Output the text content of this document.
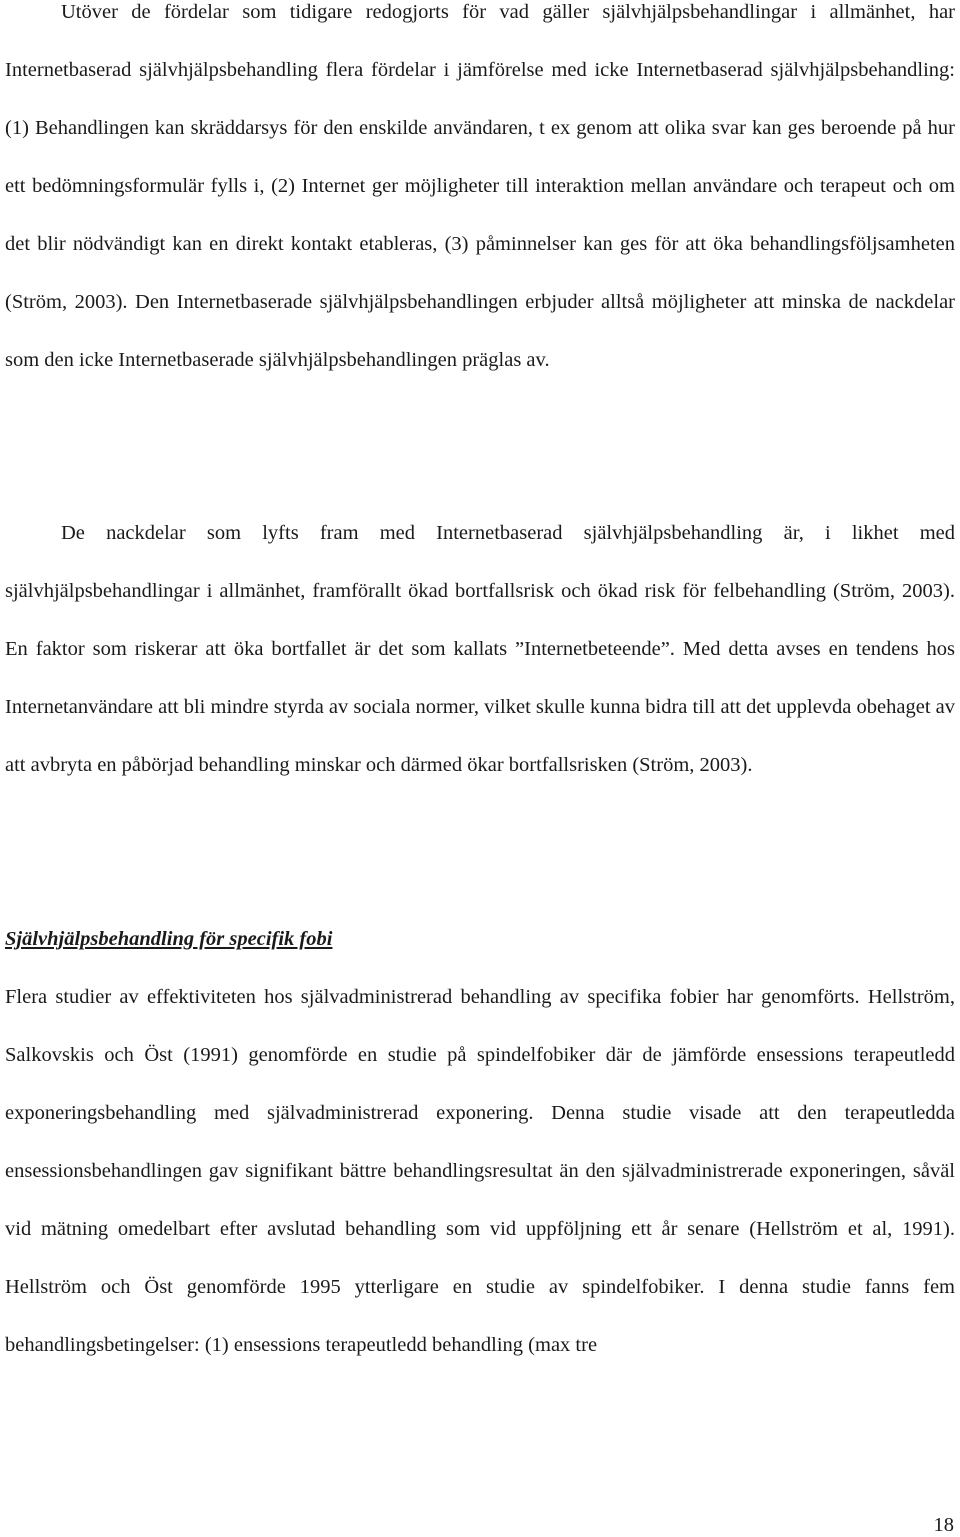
Utöver de fördelar som tidigare redogjorts för vad gäller självhjälpsbehandlingar i allmänhet, har Internetbaserad självhjälpsbehandling flera fördelar i jämförelse med icke Internetbaserad självhjälpsbehandling: (1) Behandlingen kan skräddarsys för den enskilde användaren, t ex genom att olika svar kan ges beroende på hur ett bedömningsformulär fylls i, (2) Internet ger möjligheter till interaktion mellan användare och terapeut och om det blir nödvändigt kan en direkt kontakt etableras, (3) påminnelser kan ges för att öka behandlingsföljsamheten (Ström, 2003). Den Internetbaserade självhjälpsbehandlingen erbjuder alltså möjligheter att minska de nackdelar som den icke Internetbaserade självhjälpsbehandlingen präglas av.

De nackdelar som lyfts fram med Internetbaserad självhjälpsbehandling är, i likhet med självhjälpsbehandlingar i allmänhet, framförallt ökad bortfallsrisk och ökad risk för felbehandling (Ström, 2003). En faktor som riskerar att öka bortfallet är det som kallats ”Internetbeteende”. Med detta avses en tendens hos Internetanvändare att bli mindre styrda av sociala normer, vilket skulle kunna bidra till att det upplevda obehaget av att avbryta en påbörjad behandling minskar och därmed ökar bortfallsrisken (Ström, 2003).

Självhjälpsbehandling för specifik fobi

Flera studier av effektiviteten hos självadministrerad behandling av specifika fobier har genomförts. Hellström, Salkovskis och Öst (1991) genomförde en studie på spindelfobiker där de jämförde ensessions terapeutledd exponeringsbehandling med självadministrerad exponering. Denna studie visade att den terapeutledda ensessionsbehandlingen gav signifikant bättre behandlingsresultat än den självadministrerade exponeringen, såväl vid mätning omedelbart efter avslutad behandling som vid uppföljning ett år senare (Hellström et al, 1991). Hellström och Öst genomförde 1995 ytterligare en studie av spindelfobiker. I denna studie fanns fem behandlingsbetingelser: (1) ensessions terapeutledd behandling (max tre

18
